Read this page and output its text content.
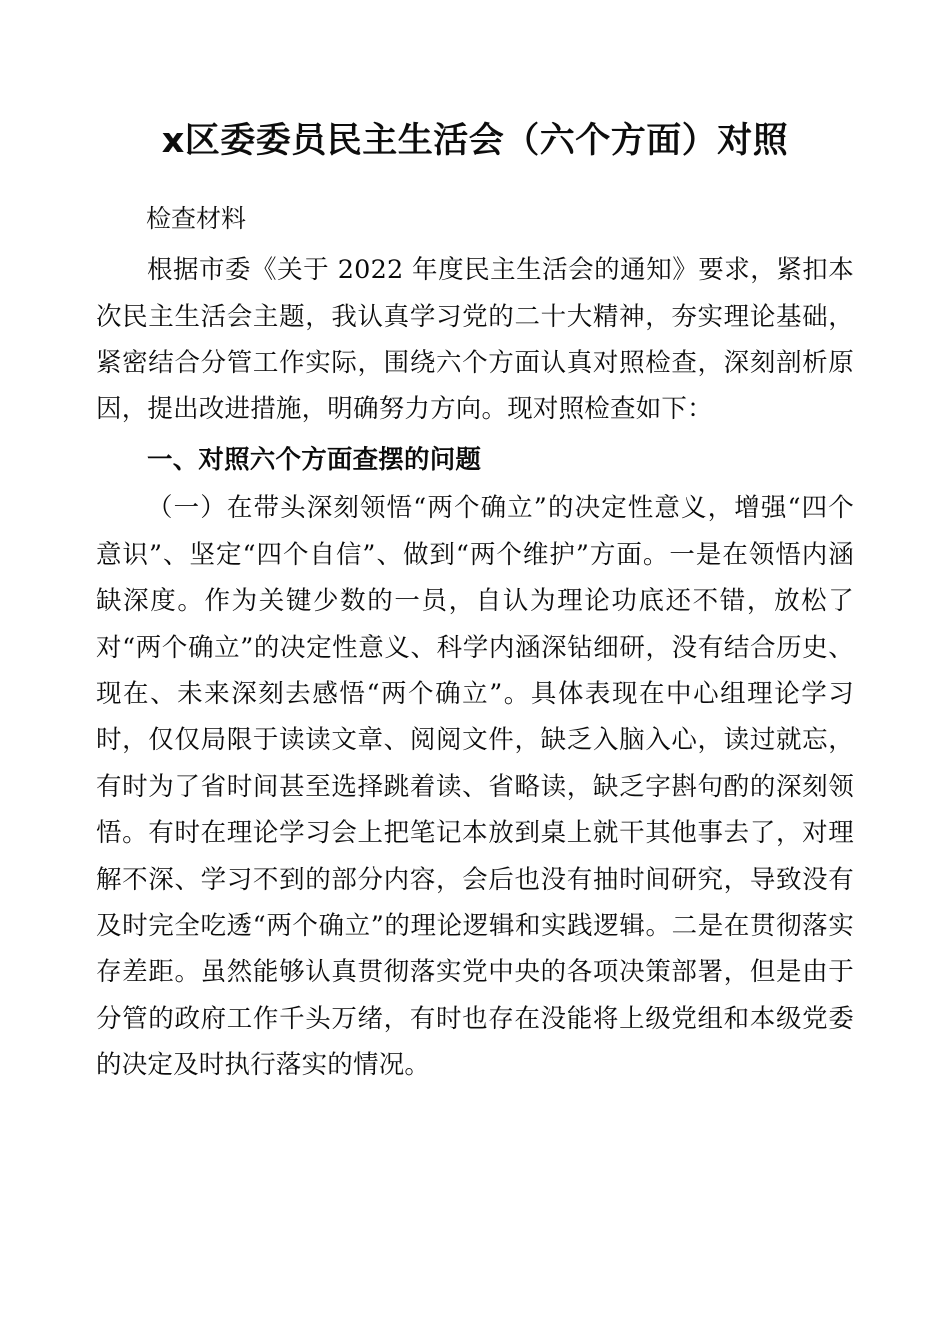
x区委委员民主生活会（六个方面）对照
检查材料

根据市委《关于 2022 年度民主生活会的通知》要求，紧扣本次民主生活会主题，我认真学习党的二十大精神，夯实理论基础，紧密结合分管工作实际，围绕六个方面认真对照检查，深刻剖析原因，提出改进措施，明确努力方向。现对照检查如下：

一、对照六个方面查摆的问题

（一）在带头深刻领悟“两个确立”的决定性意义，增强“四个意识”、坚定“四个自信”、做到“两个维护”方面。一是在领悟内涵缺深度。作为关键少数的一员，自认为理论功底还不错，放松了对“两个确立”的决定性意义、科学内涵深钻细研，没有结合历史、现在、未来深刻去感悟“两个确立”。具体表现在中心组理论学习时，仅仅局限于读读文章、阅阅文件，缺乏入脑入心，读过就忘，有时为了省时间甚至选择跳着读、省略读，缺乏字斟句酌的深刻领悟。有时在理论学习会上把笔记本放到桌上就干其他事去了，对理解不深、学习不到的部分内容，会后也没有抽时间研究，导致没有及时完全吃透“两个确立”的理论逻辑和实践逻辑。二是在贯彻落实存差距。虽然能够认真贯彻落实党中央的各项决策部署，但是由于分管的政府工作千头万绪，有时也存在没能将上级党组和本级党委的决定及时执行落实的情况。
